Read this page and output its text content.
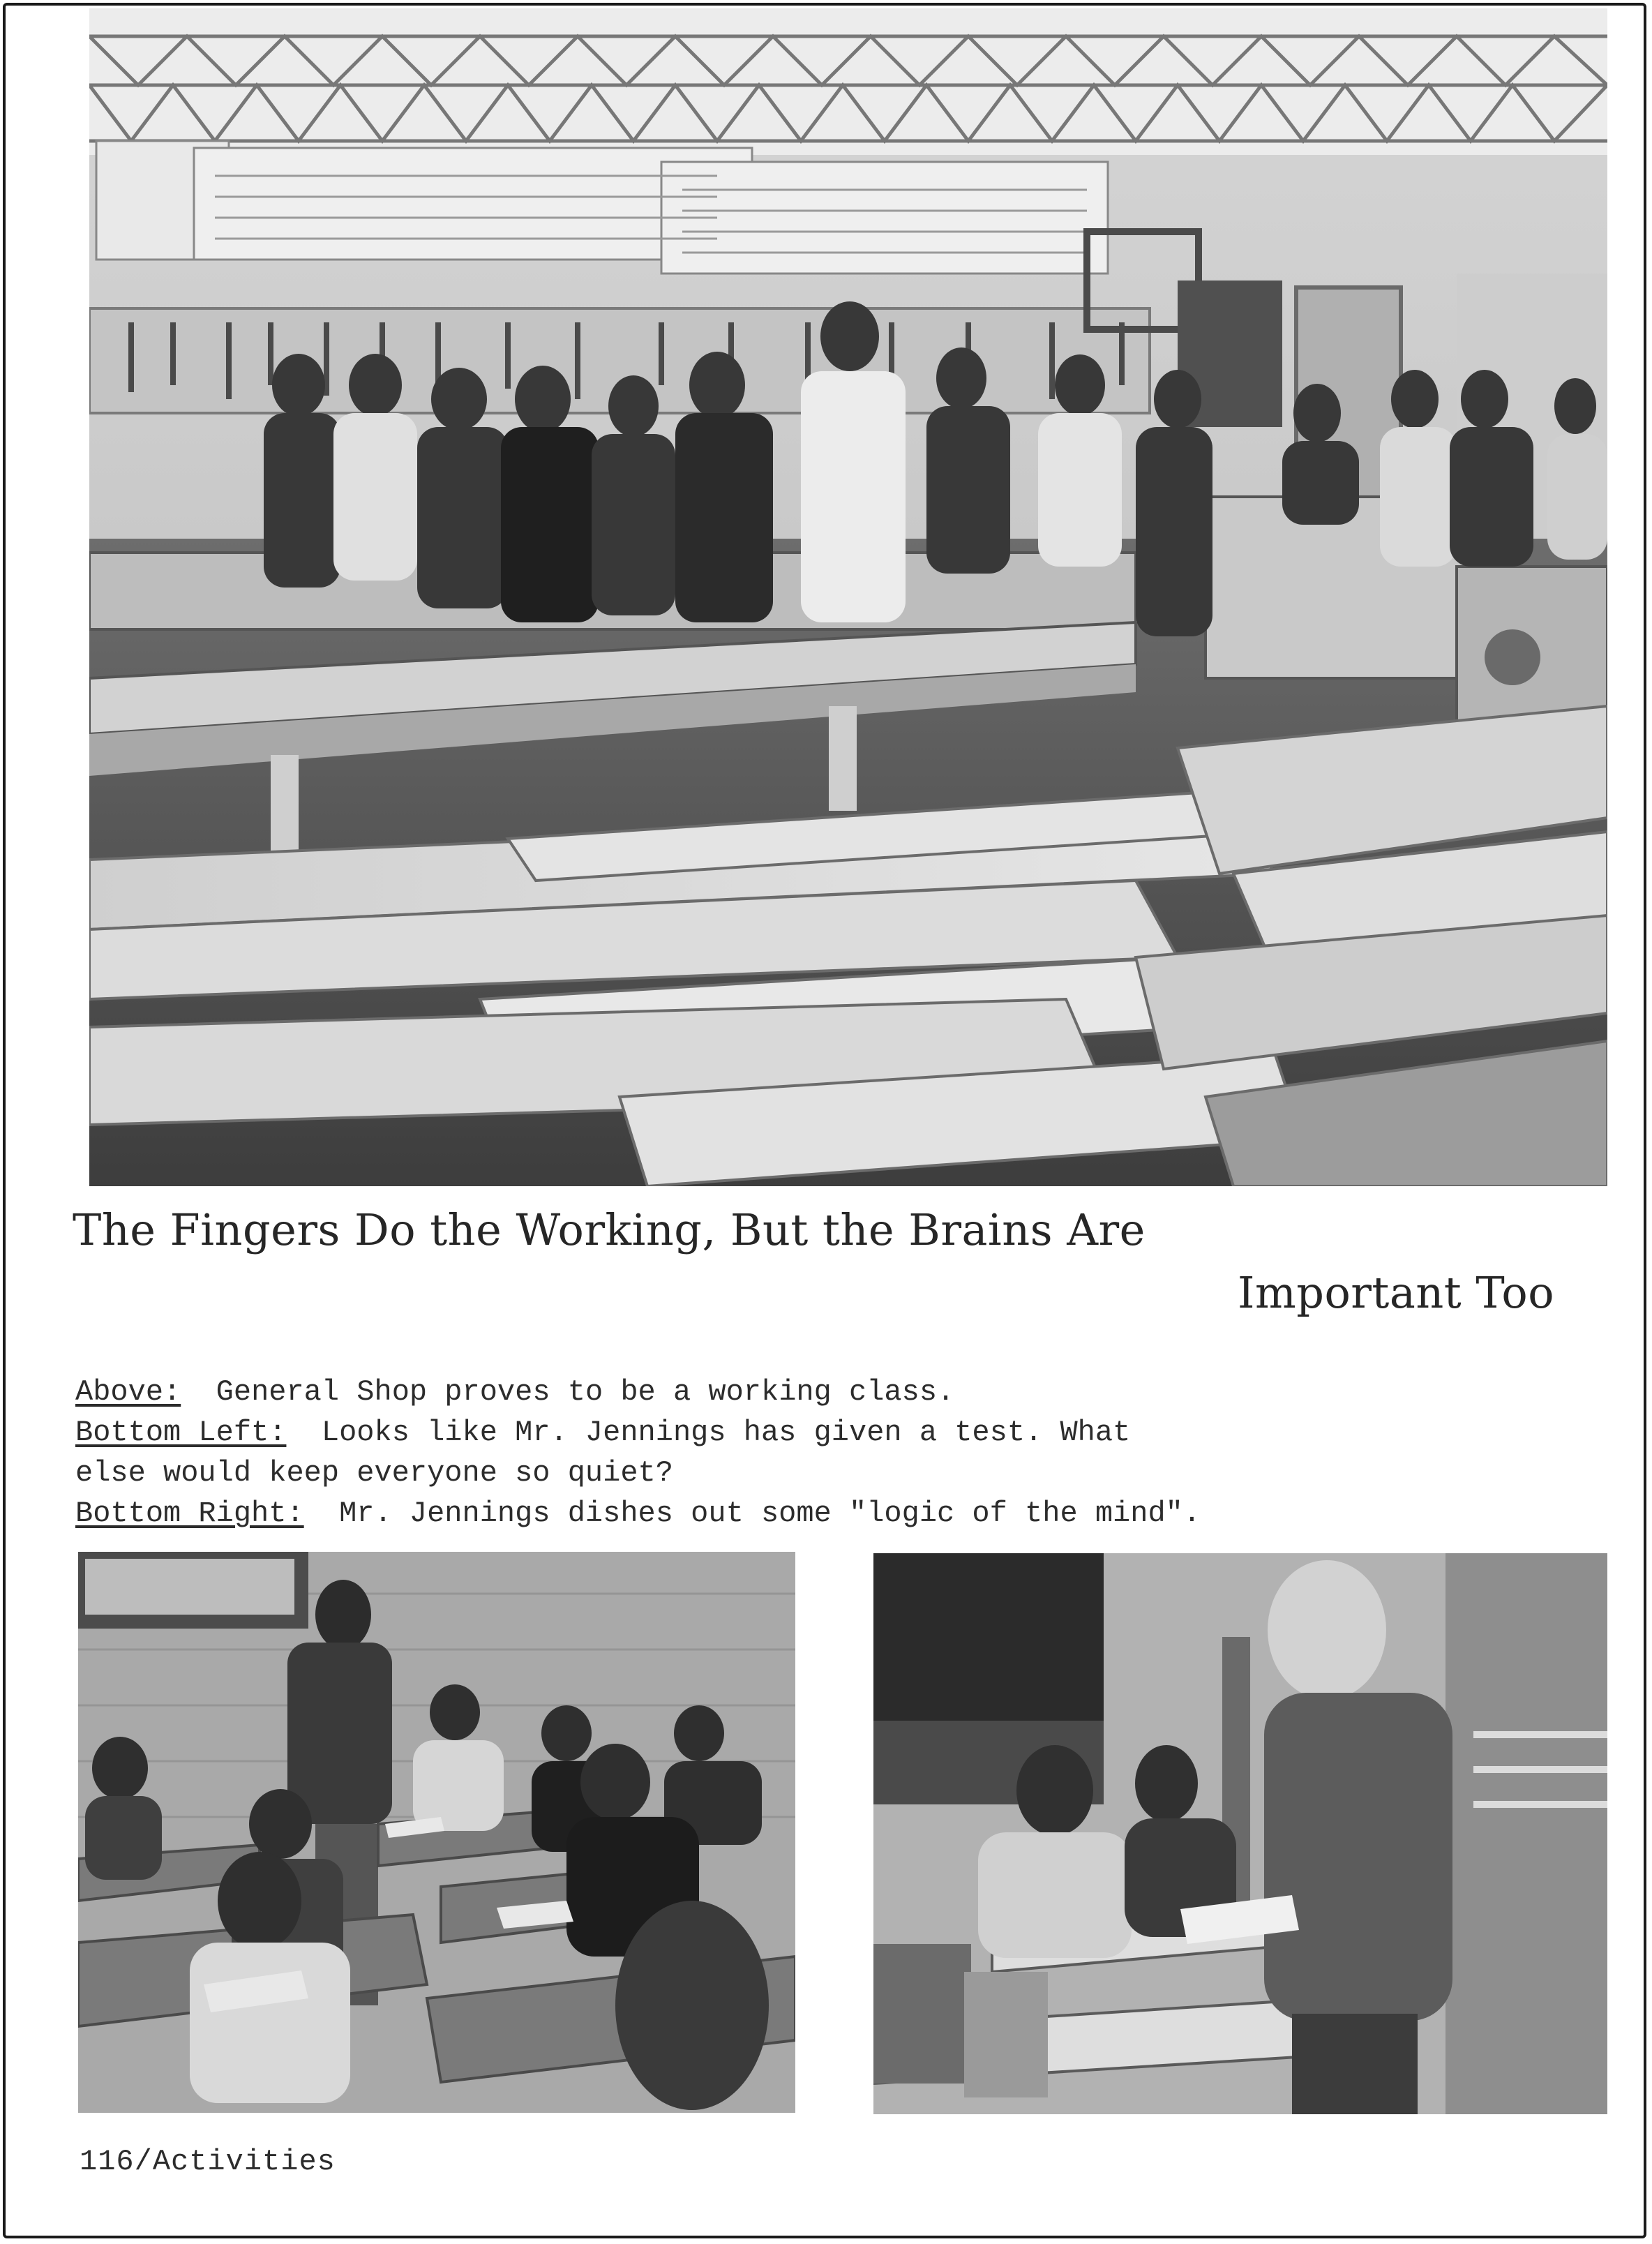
The Fingers Do the Working, But the Brains Are
Important Too
Above: General Shop proves to be a working class.
Bottom Left: Looks like Mr. Jennings has given a test. What
else would keep everyone so quiet?
Bottom Right: Mr. Jennings dishes out some "logic of the mind".
116/Activities
